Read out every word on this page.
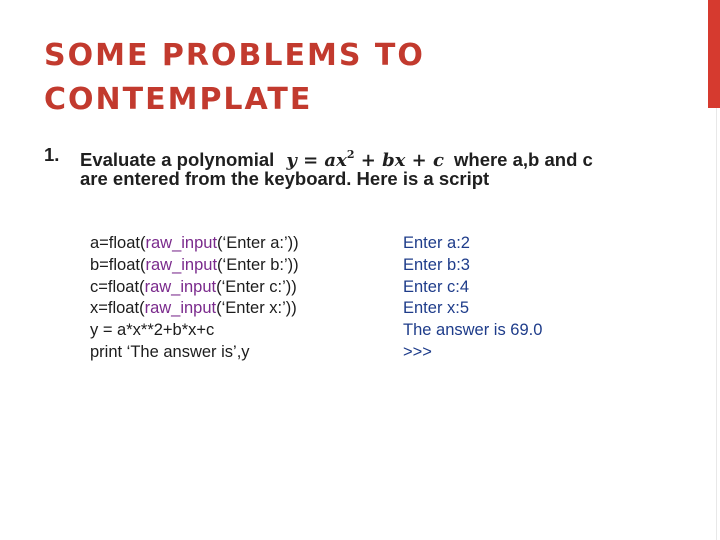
SOME PROBLEMS TO
CONTEMPLATE
1. Evaluate a polynomial $y = ax^2$ + bx + c where a,b and c
are entered from the keyboard. Here is a script
a=float(raw_input(‘Enter a:’))
b=float(raw_input(‘Enter b:’))
c=float(raw_input(‘Enter c:’))
x=float(raw_input(‘Enter x:’))
y = a*x**2+b*x+c
print ‘The answer is’,y
Enter a:2
Enter b:3
Enter c:4
Enter x:5
The answer is 69.0
>>>
